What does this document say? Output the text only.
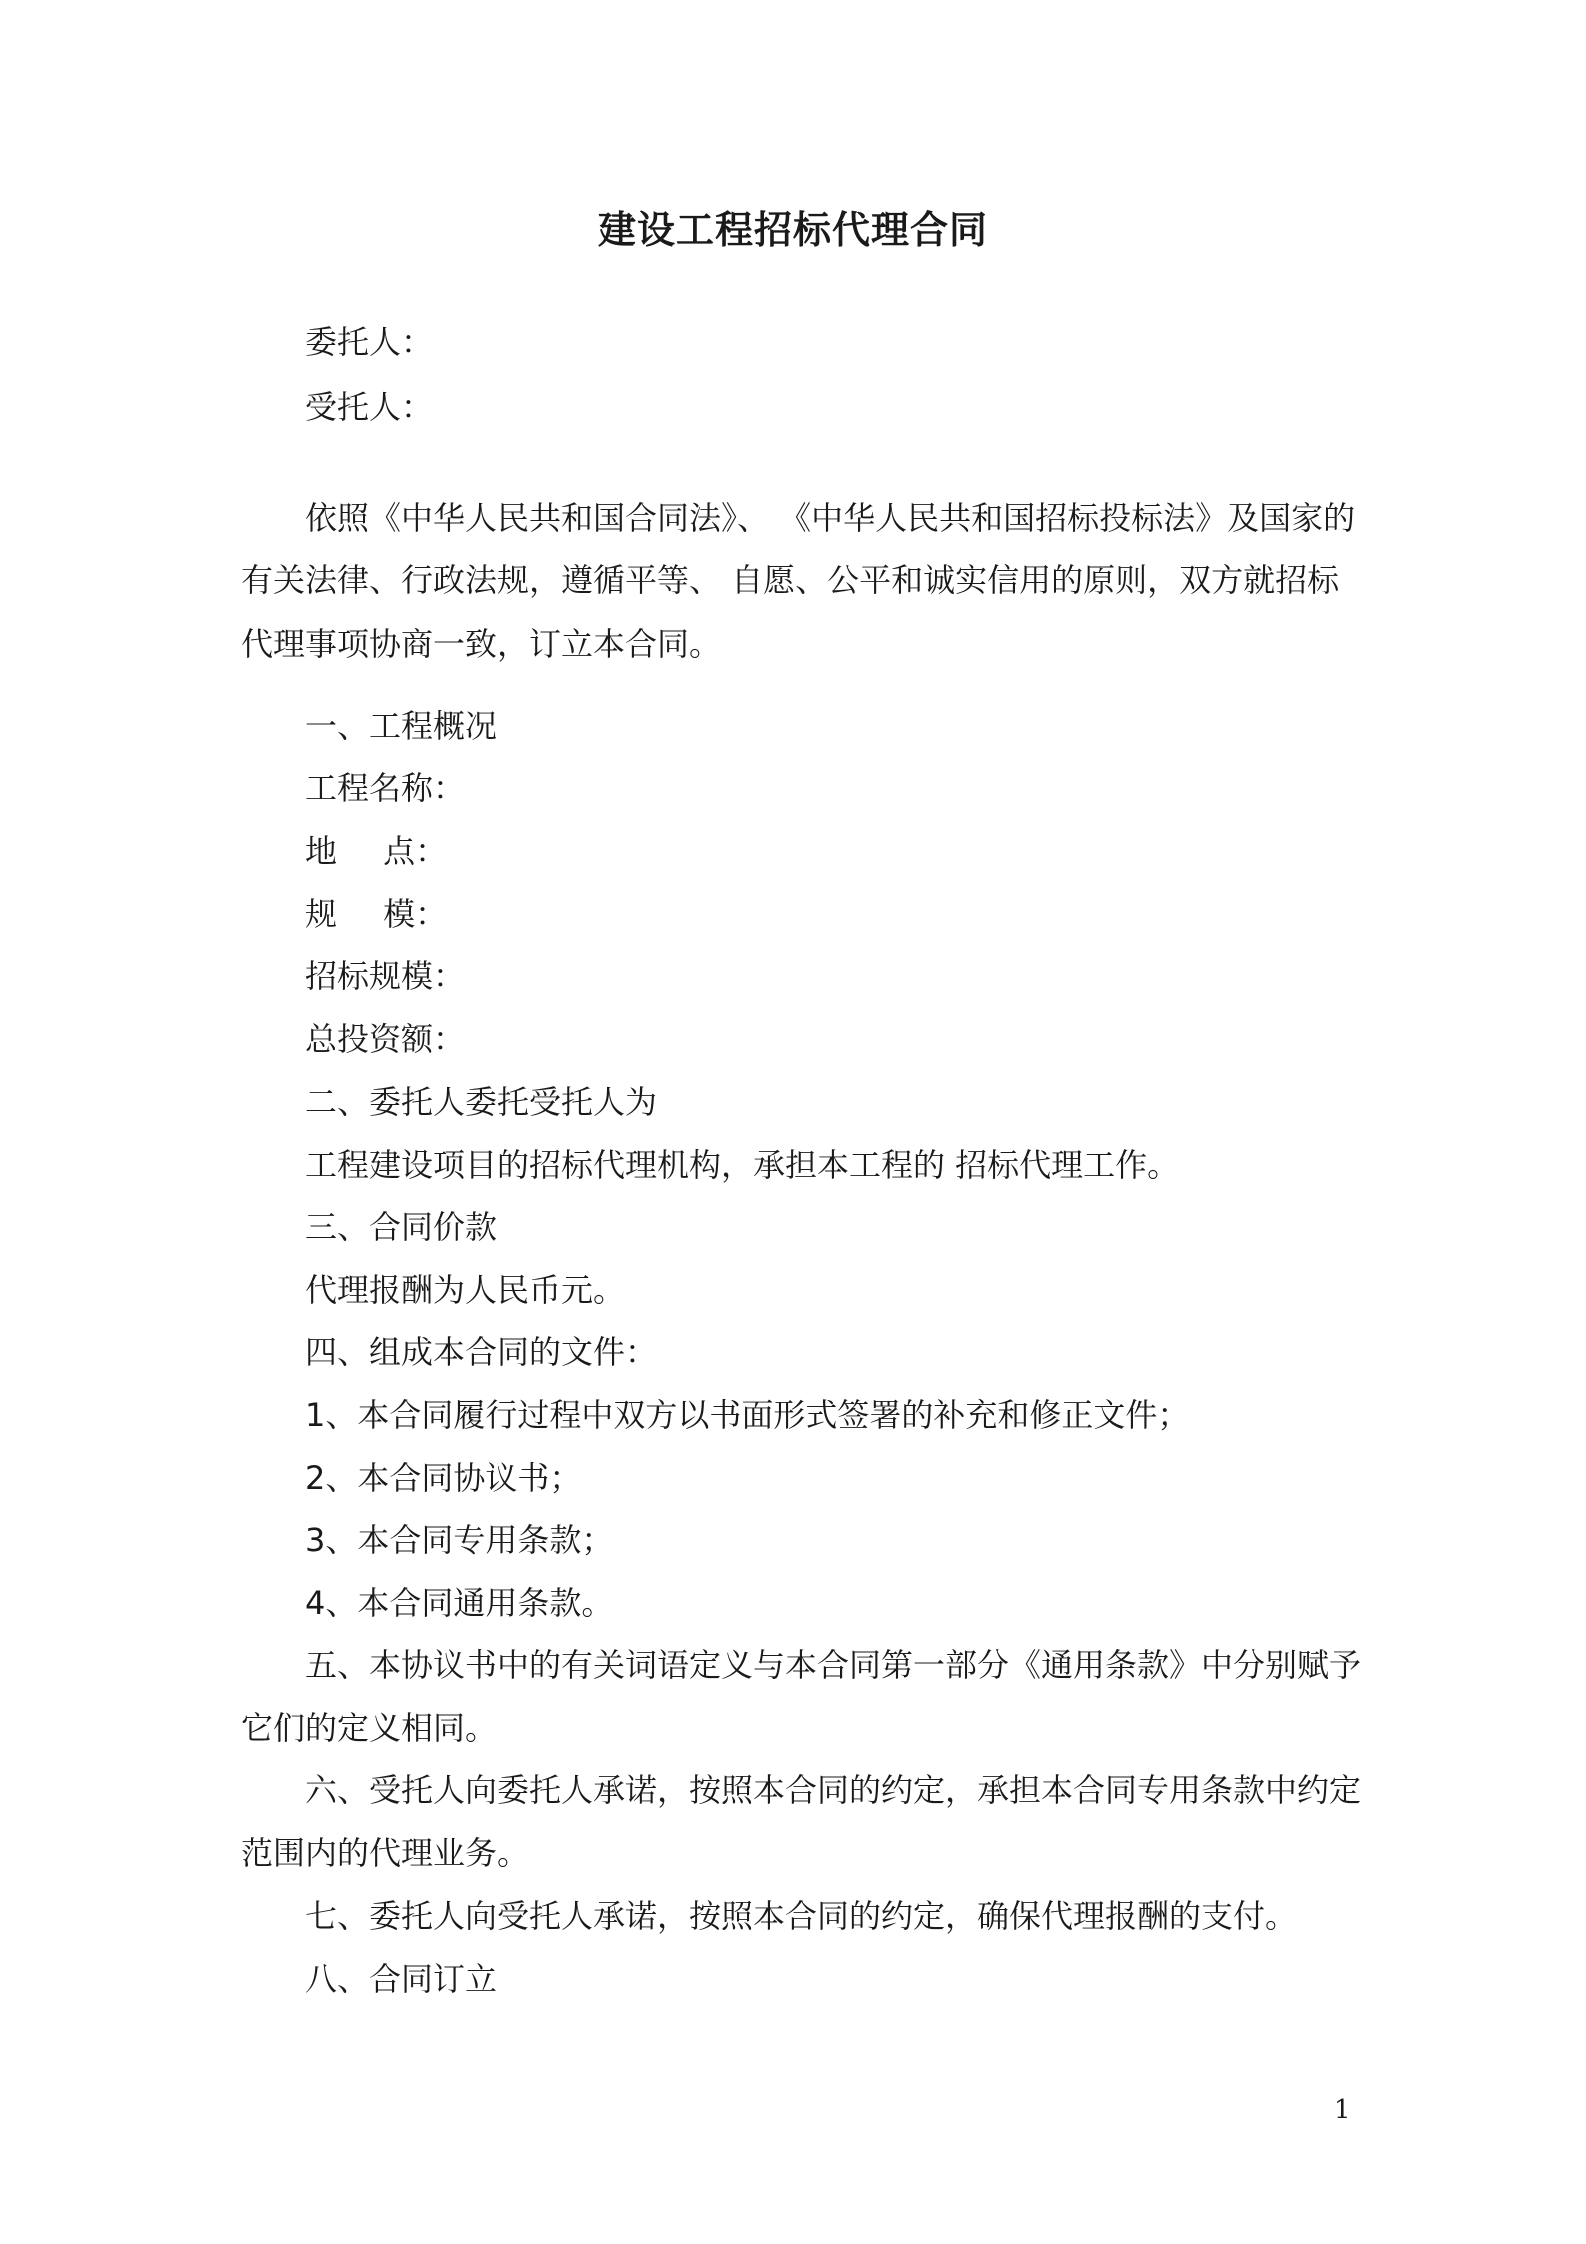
建设工程招标代理合同
委托人：
受托人：
依照《中华人民共和国合同法》、 《中华人民共和国招标投标法》及国家的
有关法律、行政法规，遵循平等、 自愿、公平和诚实信用的原则，双方就招标
代理事项协商一致，订立本合同。
一、工程概况
工程名称：
地 点：
规 模：
招标规模：
总投资额：
二、委托人委托受托人为
工程建设项目的招标代理机构，承担本工程的 招标代理工作。
三、合同价款
代理报酬为人民币元。
四、组成本合同的文件：
1、本合同履行过程中双方以书面形式签署的补充和修正文件；
2、本合同协议书；
3、本合同专用条款；
4、本合同通用条款。
五、本协议书中的有关词语定义与本合同第一部分《通用条款》中分别赋予
它们的定义相同。
六、受托人向委托人承诺，按照本合同的约定，承担本合同专用条款中约定
范围内的代理业务。
七、委托人向受托人承诺，按照本合同的约定，确保代理报酬的支付。
八、合同订立
1
